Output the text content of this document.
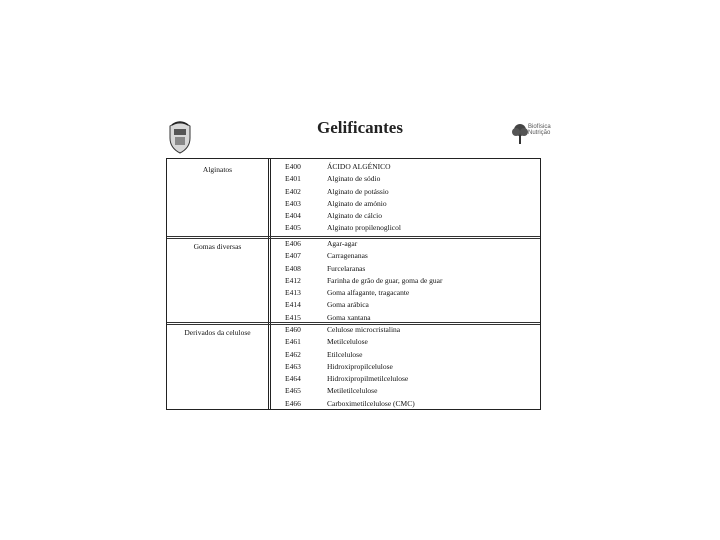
Gelificantes	Biofísica
Nutrição
Alginatos	E400	ÁCIDO ALGÉNICO
E401	Alginato de sódio
E402	Alginato de potássio
E403	Alginato de amónio
E404	Alginato de cálcio
E405	Alginato propilenoglicol
Gomas diversas	E406	Agar-agar
E407	Carragenanas
E408	Furcelaranas
E412	Farinha de grão de guar, goma de guar
E413	Goma alfagante, tragacante
E414	Goma arábica
E415	Goma xantana
Derivados da celulose	E460	Celulose microcristalina
E461	Metilcelulose
E462	Etilcelulose
E463	Hidroxipropilcelulose
E464	Hidroxipropilmetilcelulose
E465	Metiletilcelulose
E466	Carboximetilcelulose (CMC)
